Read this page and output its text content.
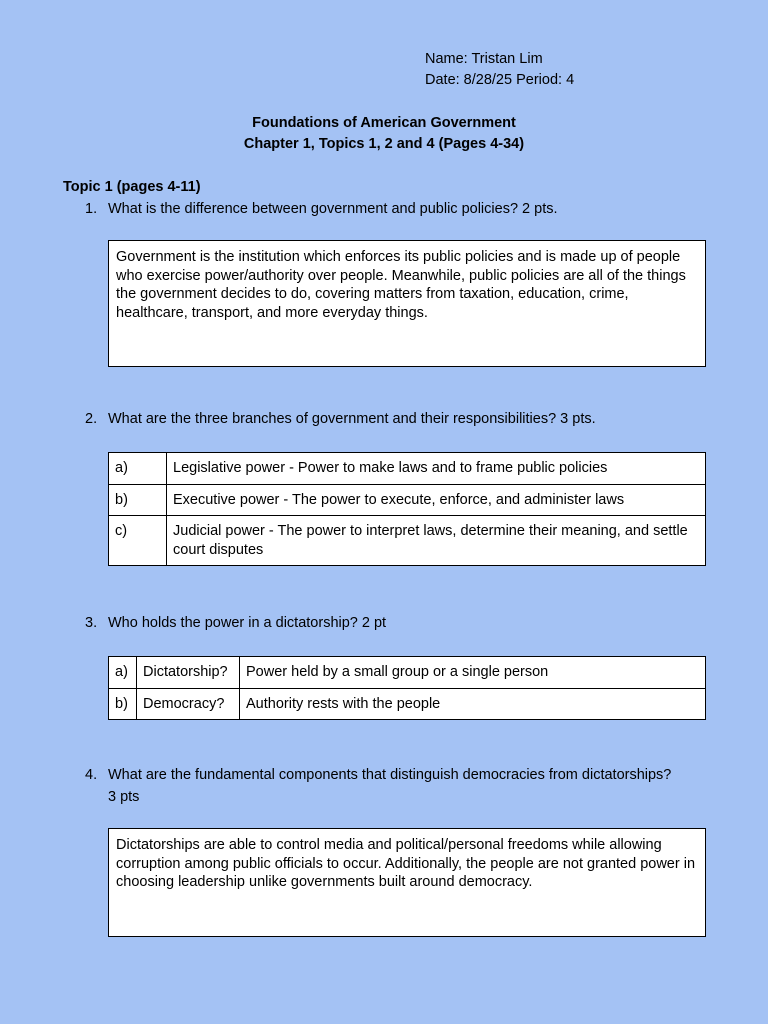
Name: Tristan Lim
Date: 8/28/25 Period: 4
Foundations of American Government
Chapter 1, Topics 1, 2 and 4 (Pages 4-34)
Topic 1 (pages 4-11)
1. What is the difference between government and public policies? 2 pts.
Government is the institution which enforces its public policies and is made up of people who exercise power/authority over people. Meanwhile, public policies are all of the things the government decides to do, covering matters from taxation, education, crime, healthcare, transport, and more everyday things.
2. What are the three branches of government and their responsibilities? 3 pts.
a)	Legislative power - Power to make laws and to frame public policies
b)	Executive power - The power to execute, enforce, and administer laws
c)	Judicial power - The power to interpret laws, determine their meaning, and settle court disputes
3. Who holds the power in a dictatorship? 2 pt
a)	Dictatorship?	Power held by a small group or a single person
b)	Democracy?	Authority rests with the people
4. What are the fundamental components that distinguish democracies from dictatorships?
3 pts
Dictatorships are able to control media and political/personal freedoms while allowing corruption among public officials to occur. Additionally, the people are not granted power in choosing leadership unlike governments built around democracy.
